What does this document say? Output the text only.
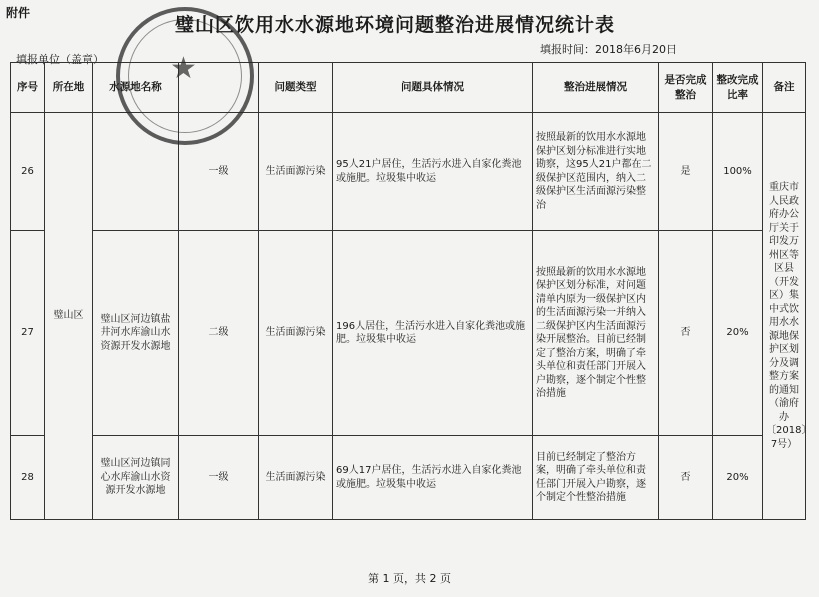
附件
璧山区饮用水水源地环境问题整治进展情况统计表
填报单位（盖章）
填报时间：2018年6月20日
序号	所在地	水源地名称		问题类型	问题具体情况	整治进展情况	是否完成整治	整改完成比率	备注
26	璧山区		一级	生活面源污染	95人21户居住，生活污水进入自家化粪池或施肥。垃圾集中收运	按照最新的饮用水水源地保护区划分标准进行实地勘察，这95人21户都在二级保护区范围内，纳入二级保护区生活面源污染整治	是	100%	重庆市人民政府办公厅关于印发万州区等区县（开发区）集中式饮用水水源地保护区划分及调整方案的通知（渝府办〔2018〕7号）
27		璧山区河边镇盐井河水库渝山水资源开发水源地	二级	生活面源污染	196人居住，生活污水进入自家化粪池或施肥。垃圾集中收运	按照最新的饮用水水源地保护区划分标准，对问题清单内原为一级保护区内的生活面源污染一并纳入二级保护区内生活面源污染开展整治。目前已经制定了整治方案，明确了牵头单位和责任部门开展入户勘察，逐个制定个性整治措施	否	20%	
28		璧山区河边镇同心水库渝山水资源开发水源地	一级	生活面源污染	69人17户居住，生活污水进入自家化粪池或施肥。垃圾集中收运	目前已经制定了整治方案，明确了牵头单位和责任部门开展入户勘察，逐个制定个性整治措施	否	20%	
★
第 1 页，共 2 页
